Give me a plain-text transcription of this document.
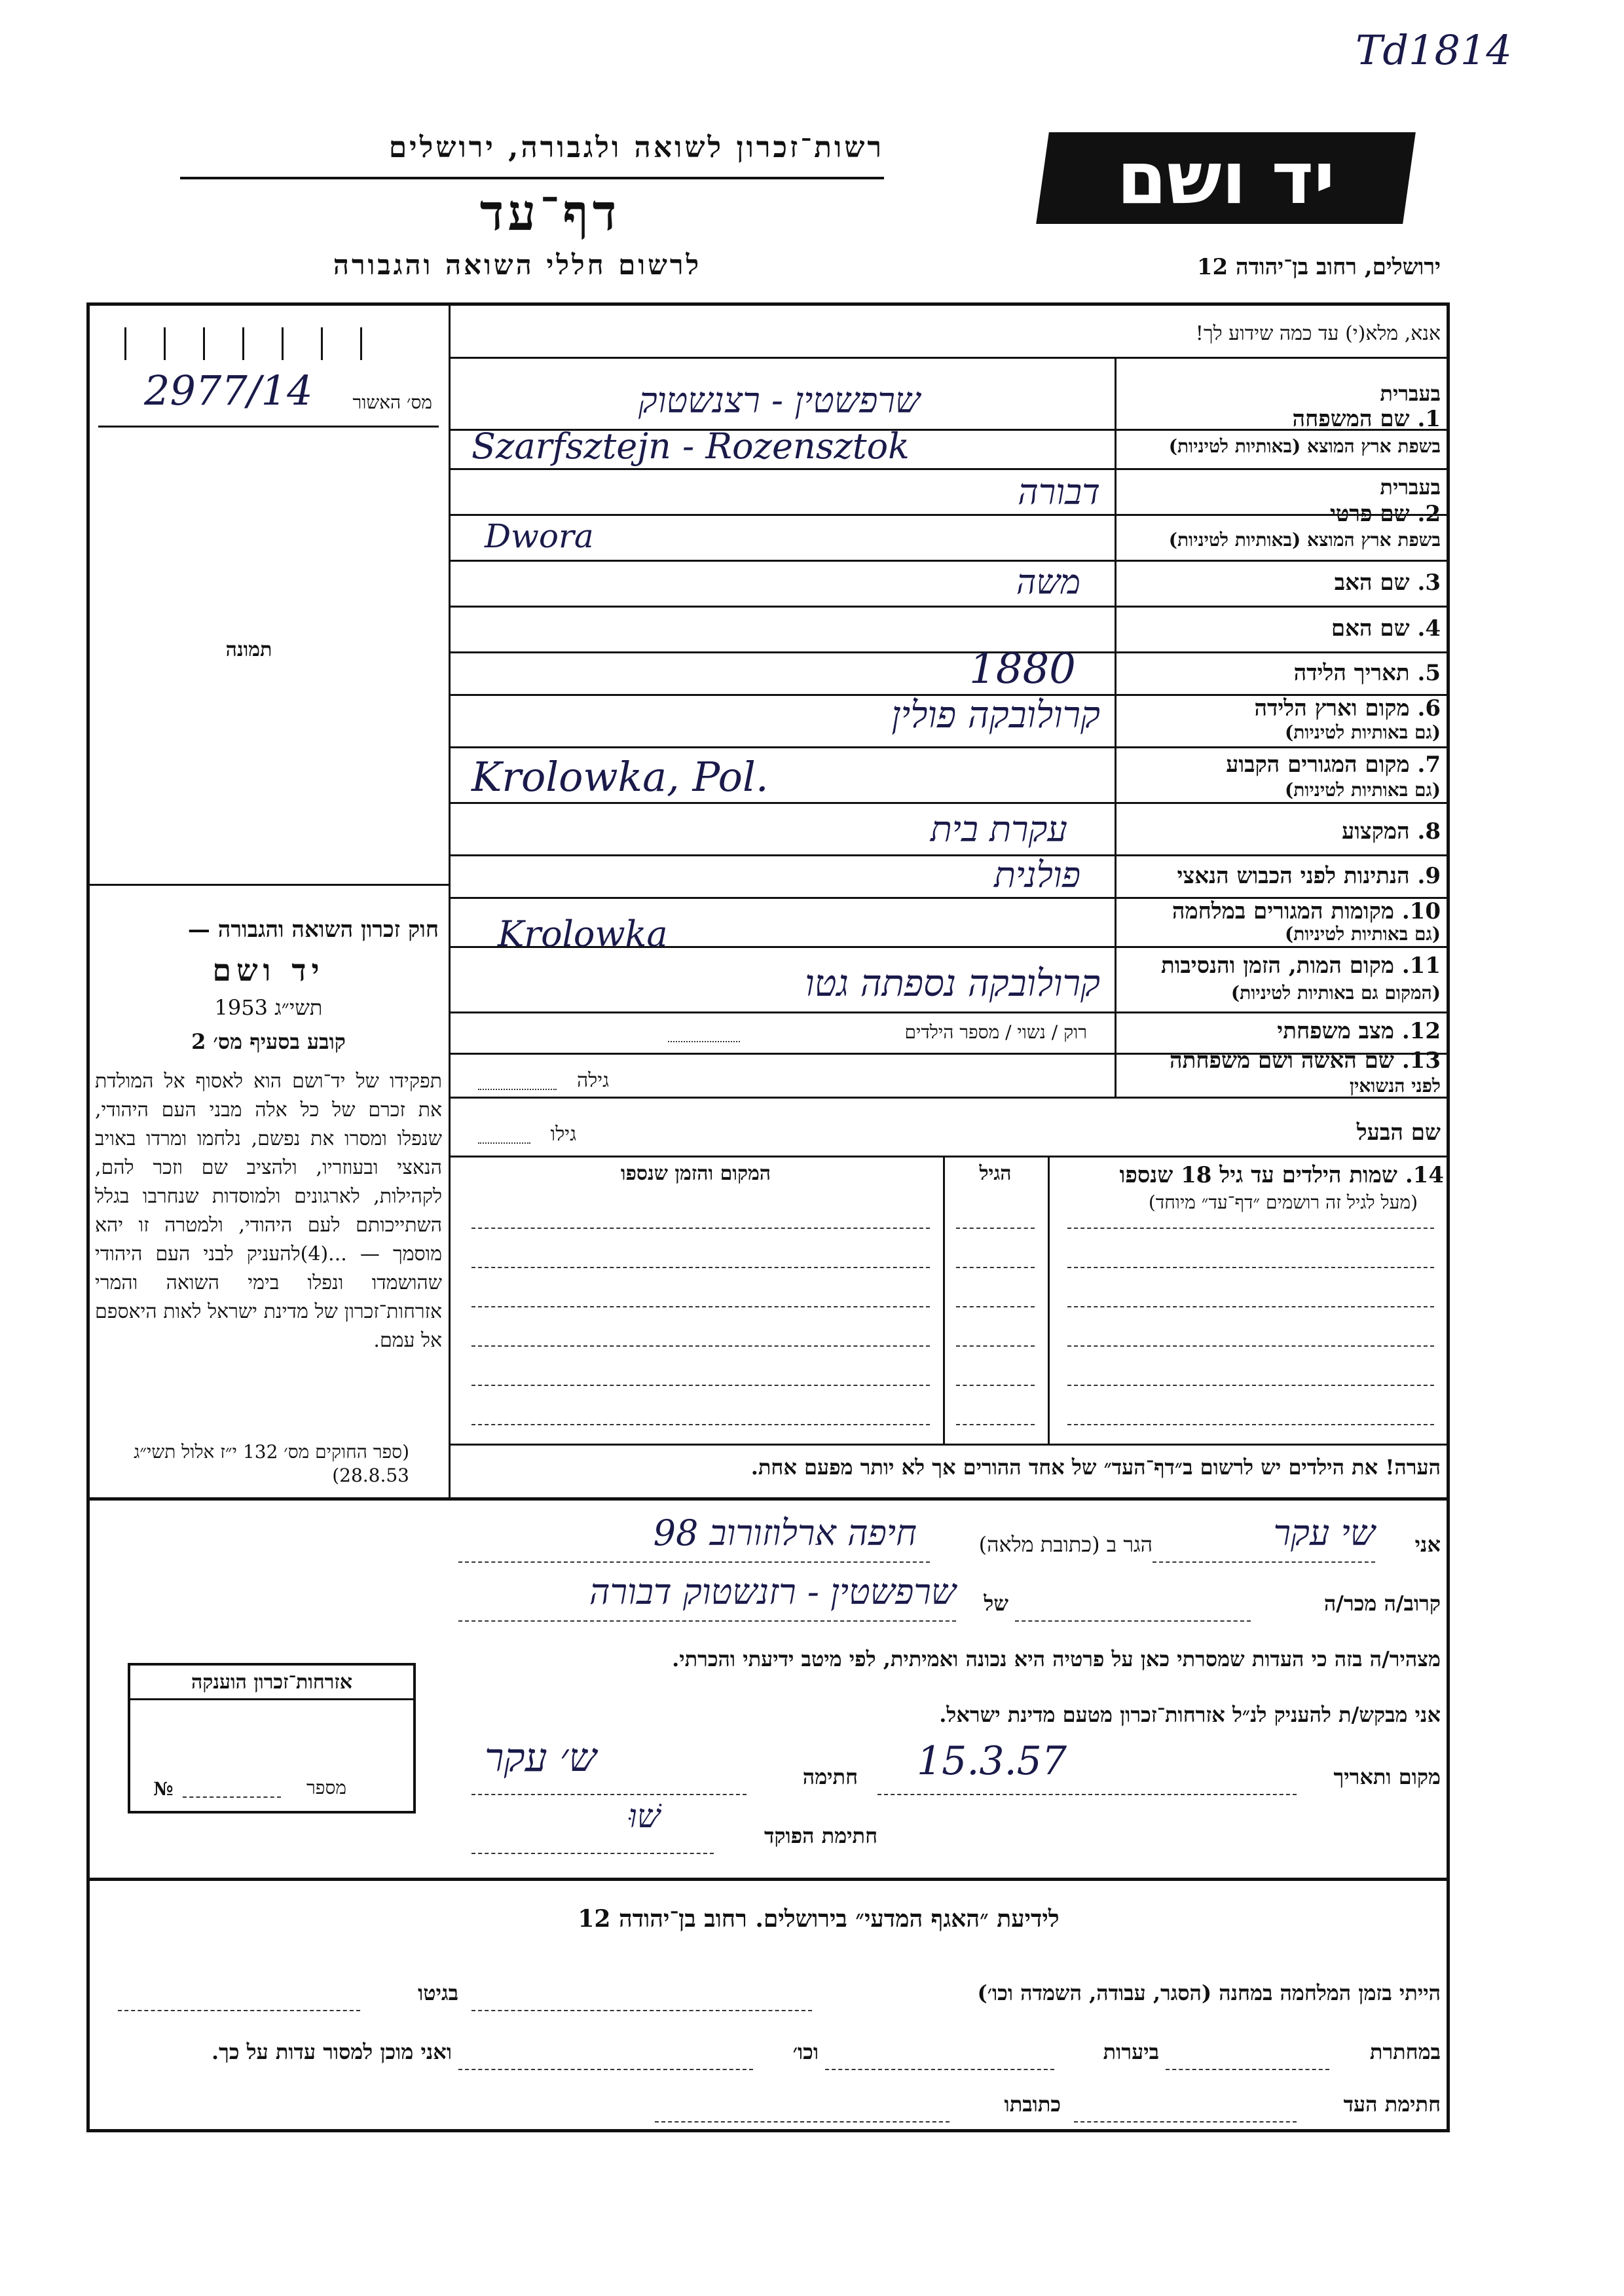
Td1814
רשות־זכרון לשואה ולגבורה, ירושלים
דף־עד
לרשום חללי השואה והגבורה
יד ושם
ירושלים, רחוב בן־יהודה 12
אנא, מלא(י) עד כמה שידוע לך!
מס׳ האשור
2977/14
תמונה
חוק זכרון השואה והגבורה —
יד ושם
תשי״ג 1953
קובע בסעיף מס׳ 2
תפקידו של יד־ושם הוא לאסוף אל המולדת את זכרם של כל אלה מבני העם היהודי, שנפלו ומסרו את נפשם, נלחמו ומרדו באויב הנאצי ובעוזריו, ולהציב שם וזכר להם, לקהילות, לארגונים ולמוסדות שנחרבו בגלל השתייכותם לעם היהודי, ולמטרה זו יהא מוסמך — ...(4)להעניק לבני העם היהודי שהושמדו ונפלו בימי השואה והמרי אזרחות־זכרון של מדינת ישראל לאות היאספם אל עמם.
(ספר החוקים מס׳ 132 י״ז אלול תשי״ג 28.8.53)
בעברית
1. שם המשפחה
בשפת ארץ המוצא (באותיות לטיניות)
שרפשטין - רצנשטוק
Szarfsztejn - Rozensztok
בעברית
2. שם פרטי
בשפת ארץ המוצא (באותיות לטיניות)
דבורה
Dwora
3. שם האב
משה
4. שם האם
5. תאריך הלידה
1880
6. מקום וארץ הלידה
(גם באותיות לטיניות)
קרולובקה פולין
7. מקום המגורים הקבוע
(גם באותיות לטיניות)
Krolowka, Pol.
8. המקצוע
עקרת בית
9. הנתינות לפני הכבוש הנאצי
פולנית
10. מקומות המגורים במלחמה
(גם באותיות לטיניות)
Krolowka
11. מקום המות, הזמן והנסיבות
(המקום גם באותיות לטיניות)
קרולובקה נספתה גטו
12. מצב משפחתי
רוק / נשוי / מספר הילדים
13. שם האשה ושם משפחתה
לפני הנשואין
גילה
שם הבעל
גילו
14. שמות הילדים עד גיל 18 שנספו
(מעל לגיל זה רושמים ״דף־עד״ מיוחד)
הגיל
המקום והזמן שנספו
הערה! את הילדים יש לרשום ב״דף־העד״ של אחד ההורים אך לא יותר מפעם אחת.
אני
שי עקר
הגר ב (כתובת מלאה)
חיפה ארלוזורוב 98
קרוב/ה מכר/ה
של
שרפשטין - רזנשטוק דבורה
מצהיר/ה בזה כי העדות שמסרתי כאן על פרטיה היא נכונה ואמיתית, לפי מיטב ידיעתי והכרתי.
אני מבקש/ת להעניק לנ״ל אזרחות־זכרון מטעם מדינת ישראל.
מקום ותאריך
15.3.57
חתימה
ש׳ עקר
חתימת הפוקד
שׁוּ
אזרחות־זכרון הוענקה
מספר
№
לידיעת ״האגף המדעי״ בירושלים. רחוב בן־יהודה 12
הייתי בזמן המלחמה במחנה (הסגר, עבודה, השמדה וכו׳)
בגיטו
במחתרת
ביערות
וכו׳
ואני מוכן למסור עדות על כך.
חתימת העד
כתובתו
